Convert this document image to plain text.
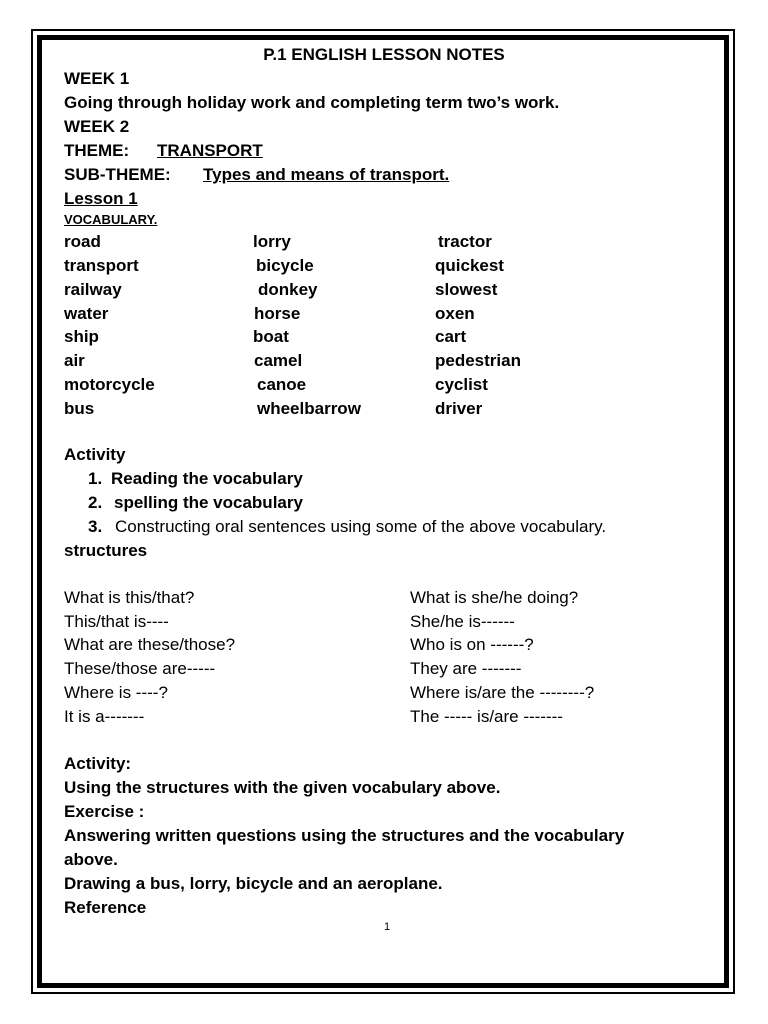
P.1 ENGLISH LESSON NOTES
WEEK 1
Going through holiday work and completing term two’s work.
WEEK 2
THEME: TRANSPORT
SUB-THEME: Types and means of transport.
Lesson 1
VOCABULARY.
road
transport
railway
water
ship
air
motorcycle
bus
lorry
bicycle
donkey
horse
boat
camel
canoe
wheelbarrow
tractor
quickest
slowest
oxen
cart
pedestrian
cyclist
driver
Activity
1. Reading the vocabulary
2. spelling the vocabulary
3. Constructing oral sentences using some of the above vocabulary.
structures
What is this/that?
This/that is----
What are these/those?
These/those are-----
Where is ----?
It is a-------
What is she/he doing?
She/he is------
Who is on ------?
They are -------
Where is/are the --------?
The ----- is/are -------
Activity:
Using the structures with the given vocabulary above.
Exercise :
Answering written questions using the structures and the vocabulary
above.
Drawing a bus, lorry, bicycle and an aeroplane.
Reference
1
